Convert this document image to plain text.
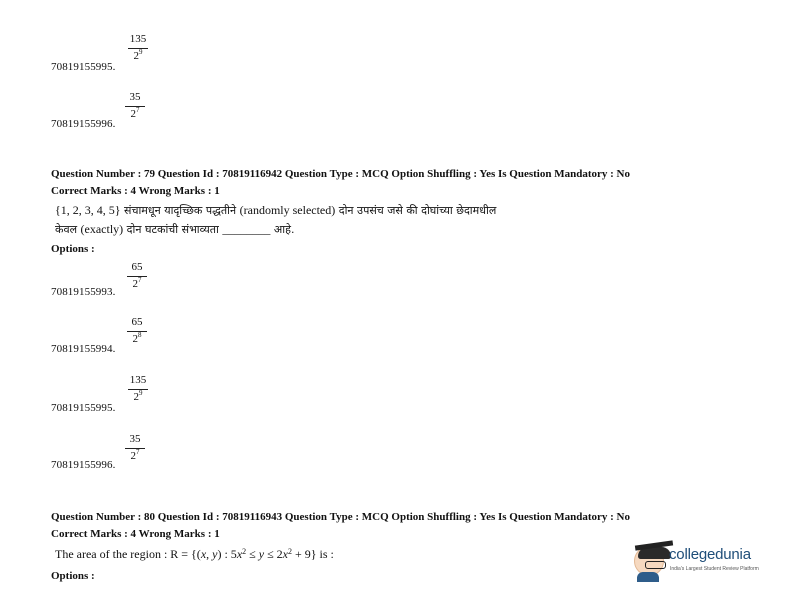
70819155995.
135
$2^9$
70819155996.
35
$2^7$
Question Number : 79 Question Id : 70819116942 Question Type : MCQ Option Shuffling : Yes Is Question Mandatory : No
Correct Marks : 4 Wrong Marks : 1
{1, 2, 3, 4, 5} संचामधून यादृच्छिक पद्धतीने (randomly selected) दोन उपसंच जसे की दोघांच्या छेदामधील
केवल (exactly) दोन घटकांची संभाव्यता ________ आहे.
Options :
70819155993.
65
$2^7$
70819155994.
65
$2^8$
70819155995.
135
$2^9$
70819155996.
35
$2^7$
Question Number : 80 Question Id : 70819116943 Question Type : MCQ Option Shuffling : Yes Is Question Mandatory : No
Correct Marks : 4 Wrong Marks : 1
The area of the region : R = {(x, y) : $5x^2 \le y \le 2x^2 + 9$} is :
Options :
collegedunia
India's Largest Student Review Platform
